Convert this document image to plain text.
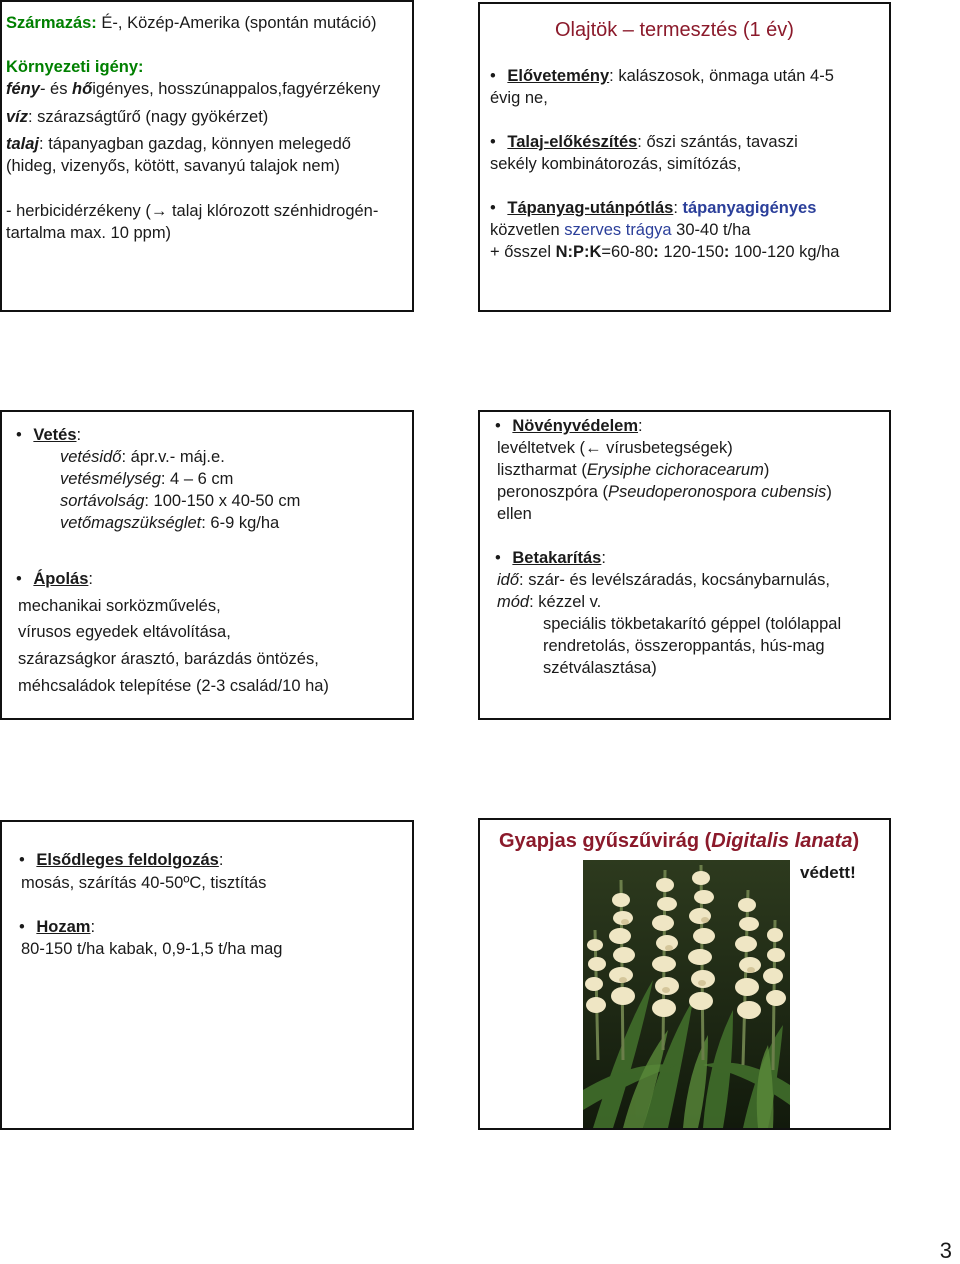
Származás: É-, Közép-Amerika (spontán mutáció)
Környezeti igény:
fény- és hőigényes, hosszúnappalos,fagyérzékeny
víz: szárazságtűrő (nagy gyökérzet)
talaj: tápanyagban gazdag, könnyen melegedő
(hideg, vizenyős, kötött, savanyú talajok nem)
- herbicidérzékeny (→ talaj klórozott szénhidrogén-
tartalma max. 10 ppm)
Olajtök – termesztés (1 év)
• Elővetemény: kalászosok, önmaga után 4-5
évig ne,
• Talaj-előkészítés: őszi szántás, tavaszi
sekély kombinátorozás, simítózás,
• Tápanyag-utánpótlás: tápanyagigényes
közvetlen szerves trágya 30-40 t/ha
+ ősszel N:P:K=60-80: 120-150: 100-120 kg/ha
• Vetés:
vetésidő: ápr.v.- máj.e.
vetésmélység: 4 – 6 cm
sortávolság: 100-150 x 40-50 cm
vetőmagszükséglet: 6-9 kg/ha
• Ápolás:
mechanikai sorközművelés,
vírusos egyedek eltávolítása,
szárazságkor árasztó, barázdás öntözés,
méhcsaládok telepítése (2-3 család/10 ha)
• Növényvédelem:
levéltetvek (← vírusbetegségek)
lisztharmat (Erysiphe cichoracearum)
peronoszpóra (Pseudoperonospora cubensis)
ellen
• Betakarítás:
idő: szár- és levélszáradás, kocsánybarnulás,
mód: kézzel v.
speciális tökbetakarító géppel (tolólappal
rendretolás, összeroppantás, hús-mag
szétválasztása)
• Elsődleges feldolgozás:
mosás, szárítás 40-50ºC, tisztítás
• Hozam:
80-150 t/ha kabak, 0,9-1,5 t/ha mag
Gyapjas gyűszűvirág (Digitalis lanata)
védett!
3
